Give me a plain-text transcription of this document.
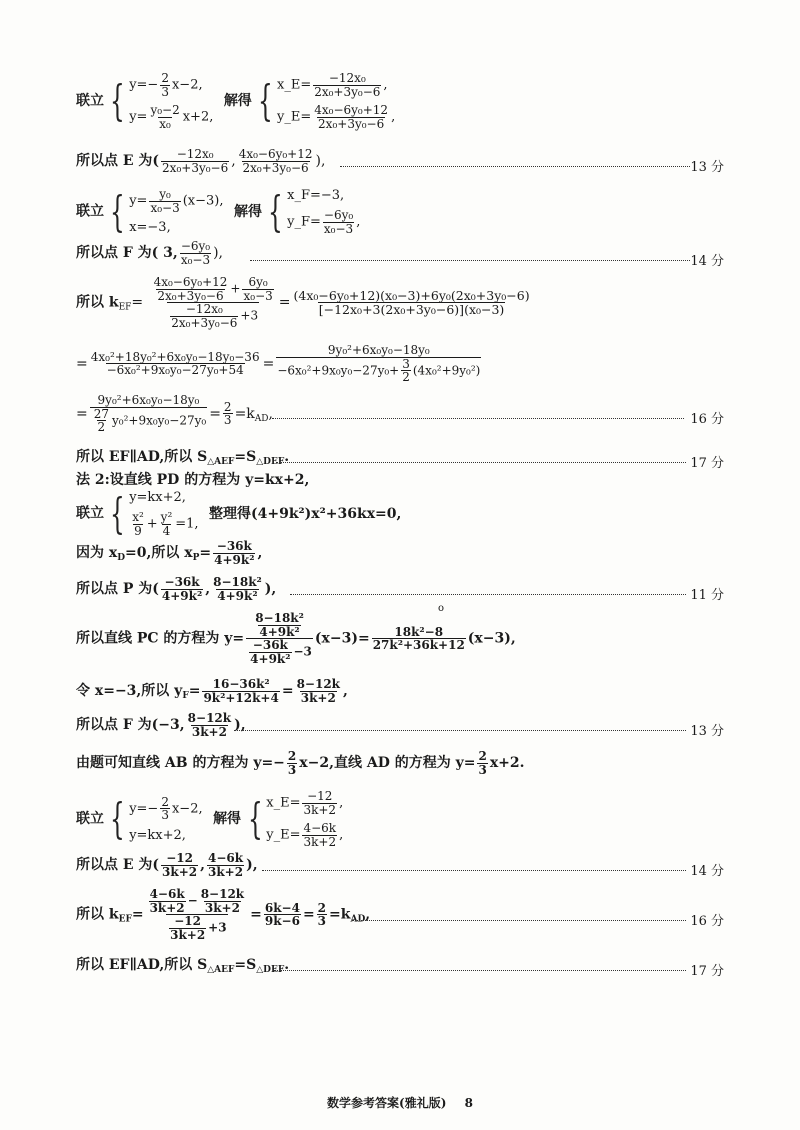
联立 { $y=- \frac{2}{3} x-2$,
$y= \frac{\text{y₀−2}}{\text{x₀}} x+2$,
解得 { x_E= $\frac{\text{−12x₀}}{\text{2x₀+3y₀−6}}$ ,
y_E= $\frac{\text{4x₀−6y₀+12}}{\text{2x₀+3y₀−6}}$ ,
所以点 E 为( $\frac{\text{−12x₀}}{\text{2x₀+3y₀−6}}$ , $\frac{\text{4x₀−6y₀+12}}{\text{2x₀+3y₀−6}}$ ),	13 分
联立 { $y= \frac{\text{y₀}}{\text{x₀−3}} (x-3)$,
x=−3,
解得 { x_F=−3,
y_F= $\frac{\text{−6y₀}}{\text{x₀−3}}$ ,
所以点 F 为( 3, $\frac{\text{−6y₀}}{\text{x₀−3}}$ ),
14 分
所以 $k_{EF}= \frac{\frac{\text{4x₀−6y₀+12}}{\text{2x₀+3y₀−6}} + \frac{\text{6y₀}}{\text{x₀−3}}}{\frac{\text{−12x₀}}{\text{2x₀+3y₀−6}} +3} = \frac{\text{(4x₀−6y₀+12)(x₀−3)+6y₀(2x₀+3y₀−6)}}{\text{[−12x₀+3(2x₀+3y₀−6)](x₀−3)}}$
= $\frac{\text{4x₀²+18y₀²+6x₀y₀−18y₀−36}}{\text{−6x₀²+9x₀y₀−27y₀+54}} = \frac{\text{9y₀²+6x₀y₀−18y₀}}{-6x_0^2+9x_0y_0-27y_0+ \frac{3}{2} (4x_0^2+9y_0^2)}$
= $\frac{\text{9y₀²+6x₀y₀−18y₀}}{\frac{27}{2} y_0^2+9x_0y_0-27y_0} = \frac{2}{3} =k_{AD}$,	16 分
所以 EF∥AD,所以 $S_{\triangle AEF}=S_{\triangle DEF}$.	17 分
法 2:设直线 PD 的方程为 y=kx+2,
联立 { y=kx+2,
$\frac{\text{x²}}{9} + \frac{\text{y²}}{4} =1$,
整理得(4+9k²)x²+36kx=0,
因为 $x_D=0$,所以 $x_P= \frac{-36k}{\text{4+9k²}}$ ,
所以点 P 为( $\frac{-36k}{\text{4+9k²}}$ , $\frac{\text{8−18k²}}{\text{4+9k²}}$ ),	11 分
o
所以直线 PC 的方程为 $y= \frac{\frac{\text{8−18k²}}{\text{4+9k²}}}{\frac{-36k}{\text{4+9k²}} -3} (x-3)= \frac{\text{18k²−8}}{\text{27k²+36k+12}} (x-3)$,
令 x=−3,所以 $y_F= \frac{\text{16−36k²}}{\text{9k²+12k+4}} = \frac{8-12k}{3k+2}$ ,
所以点 F 为(−3, $\frac{8-12k}{3k+2}$ ),	13 分
由题可知直线 AB 的方程为 $y=- \frac{2}{3} x-2$,直线 AD 的方程为 $y= \frac{2}{3} x+2$.
联立 { $y=- \frac{2}{3} x-2$,
y=kx+2,
解得 { x_E= $\frac{-12}{3k+2}$ ,
y_E= $\frac{4-6k}{3k+2}$ ,
所以点 E 为( $\frac{-12}{3k+2}$ , $\frac{4-6k}{3k+2}$ ),	14 分
所以 $k_{EF}= \frac{\frac{4-6k}{3k+2} - \frac{8-12k}{3k+2}}{\frac{-12}{3k+2} +3} = \frac{6k-4}{9k-6} = \frac{2}{3} =k_{AD}$,	16 分
所以 EF∥AD,所以 $S_{\triangle AEF}=S_{\triangle DEF}$.	17 分
数学参考答案(雅礼版) 8
